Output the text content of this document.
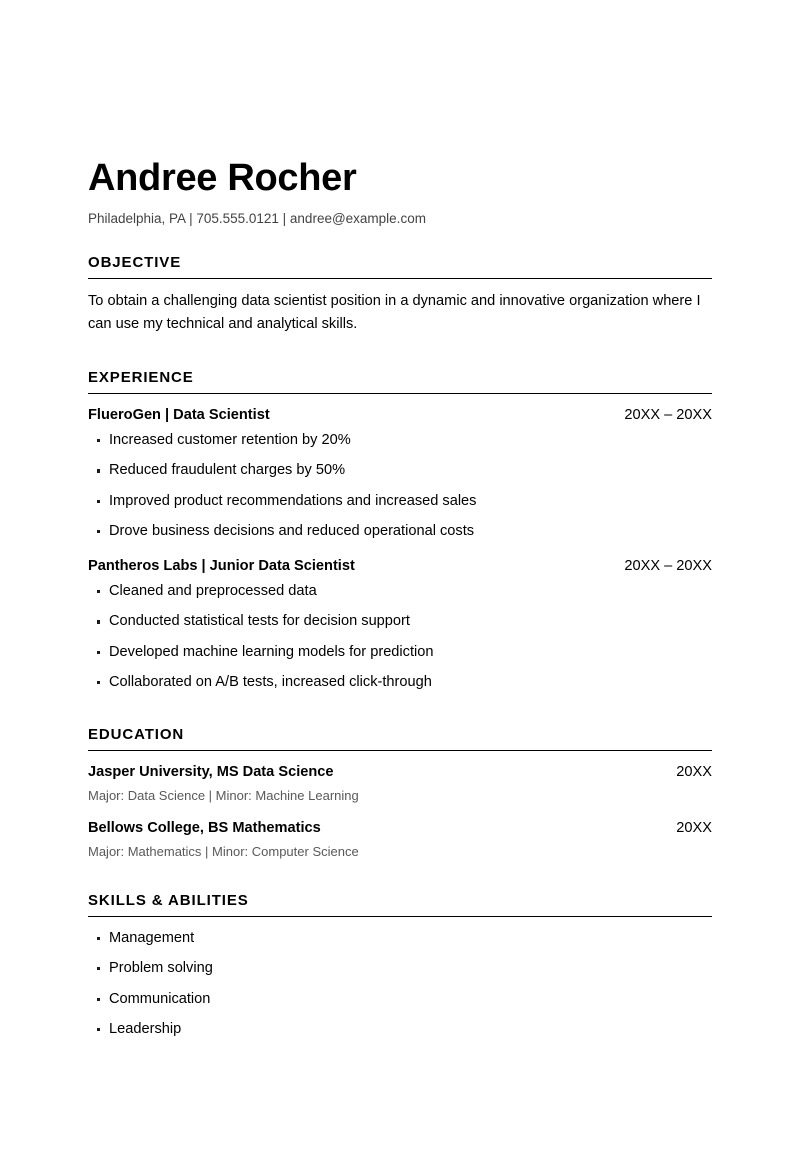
Andree Rocher
Philadelphia, PA | 705.555.0121 | andree@example.com
OBJECTIVE

To obtain a challenging data scientist position in a dynamic and innovative organization where I can use my technical and analytical skills.

EXPERIENCE
FlueroGen | Data Scientist	20XX – 20XX
Increased customer retention by 20%
Reduced fraudulent charges by 50%
Improved product recommendations and increased sales
Drove business decisions and reduced operational costs
Pantheros Labs | Junior Data Scientist	20XX – 20XX
Cleaned and preprocessed data
Conducted statistical tests for decision support
Developed machine learning models for prediction
Collaborated on A/B tests, increased click-through
EDUCATION
Jasper University, MS Data Science	20XX
Major: Data Science | Minor: Machine Learning
Bellows College, BS Mathematics	20XX
Major: Mathematics | Minor: Computer Science
SKILLS & ABILITIES
Management
Problem solving
Communication
Leadership
